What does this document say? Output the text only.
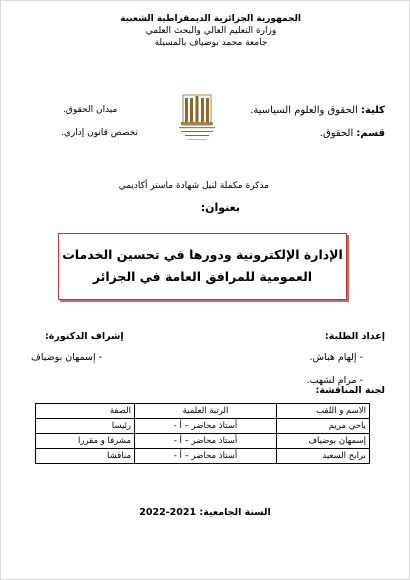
الجمهورية الجزائرية الديمقراطية الشعبية
وزارة التعليم العالي والبحث العلمي
جامعة محمد بوضياف بالمسيلة
كلية: الحقوق والعلوم السياسية.
ميدان الحقوق.
قسم: الحقوق.
تخصص قانون إداري.
مذكرة مكملة لنيل شهادة ماستر أكاديمي
بعنوان:
الإدارة الإلكترونية ودورها في تحسين الخدمات
العمومية للمرافق العامة في الجزائر
إعداد الطلبة:
- إلهام هباش.
- مرام لشهب.
إشراف الدكتورة:
- إسمهان بوضياف
لجنة المناقشة:
الاسم و اللقب	الرتبة العلمية	الصفة
ياحي مريم	أستاذ محاضر – أ -	رئيسا
إسمهان بوضياف	أستاذ محاضر – أ -	مشرفا و مقررا
برابح السعيد	أستاذ محاضر – أ -	مناقشا
السنة الجامعية: 2021-2022
